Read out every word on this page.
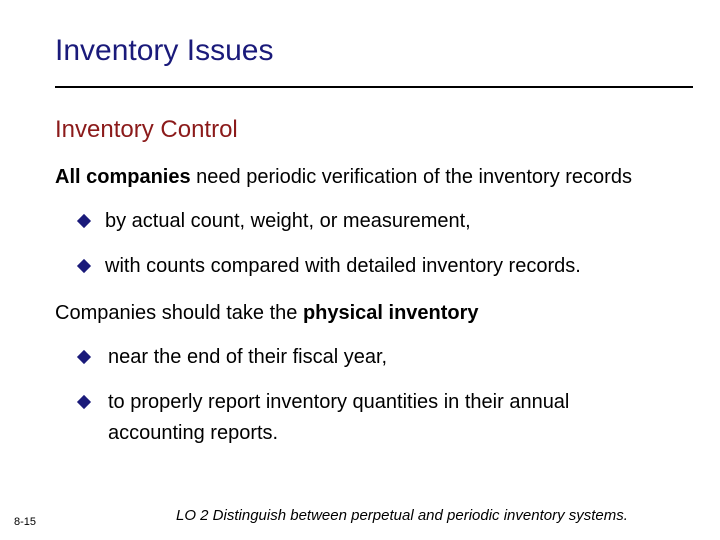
Inventory Issues
Inventory Control
All companies need periodic verification of the inventory records
by actual count, weight, or measurement,
with counts compared with detailed inventory records.
Companies should take the physical inventory
near the end of their fiscal year,
to properly report inventory quantities in their annual accounting reports.
8-15	LO 2 Distinguish between perpetual and periodic inventory systems.
